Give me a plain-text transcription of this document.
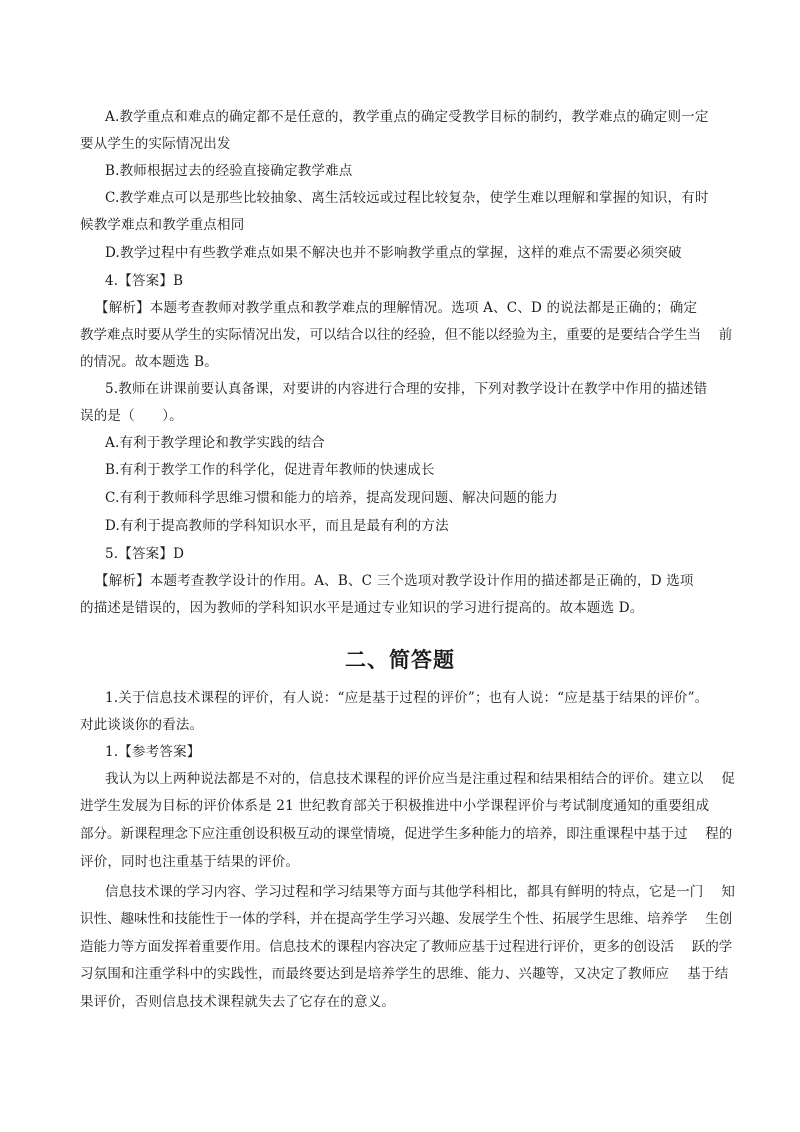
A.教学重点和难点的确定都不是任意的，教学重点的确定受教学目标的制约，教学难点的确定则一定
要从学生的实际情况出发
B.教师根据过去的经验直接确定教学难点
C.教学难点可以是那些比较抽象、离生活较远或过程比较复杂，使学生难以理解和掌握的知识，有时
候教学难点和教学重点相同
D.教学过程中有些教学难点如果不解决也并不影响教学重点的掌握，这样的难点不需要必须突破
4.【答案】B
【解析】本题考查教师对教学重点和教学难点的理解情况。选项 A、C、D 的说法都是正确的；确定
教学难点时要从学生的实际情况出发，可以结合以往的经验，但不能以经验为主，重要的是要结合学生当　 前
的情况。故本题选 B。
5.教师在讲课前要认真备课，对要讲的内容进行合理的安排，下列对教学设计在教学中作用的描述错
误的是（　　）。
A.有利于教学理论和教学实践的结合
B.有利于教学工作的科学化，促进青年教师的快速成长
C.有利于教师科学思维习惯和能力的培养，提高发现问题、解决问题的能力
D.有利于提高教师的学科知识水平，而且是最有利的方法
5.【答案】D
【解析】本题考查教学设计的作用。A、B、C 三个选项对教学设计作用的描述都是正确的，D 选项
的描述是错误的，因为教师的学科知识水平是通过专业知识的学习进行提高的。故本题选 D。
二、简答题
1.关于信息技术课程的评价，有人说：“应是基于过程的评价”；也有人说：“应是基于结果的评价”。
对此谈谈你的看法。
1.【参考答案】
我认为以上两种说法都是不对的，信息技术课程的评价应当是注重过程和结果相结合的评价。建立以　 促
进学生发展为目标的评价体系是 21 世纪教育部关于积极推进中小学课程评价与考试制度通知的重要组成
部分。新课程理念下应注重创设积极互动的课堂情境，促进学生多种能力的培养，即注重课程中基于过　 程的
评价，同时也注重基于结果的评价。
信息技术课的学习内容、学习过程和学习结果等方面与其他学科相比，都具有鲜明的特点，它是一门　 知
识性、趣味性和技能性于一体的学科，并在提高学生学习兴趣、发展学生个性、拓展学生思维、培养学　 生创
造能力等方面发挥着重要作用。信息技术的课程内容决定了教师应基于过程进行评价，更多的创设活　 跃的学
习氛围和注重学科中的实践性，而最终要达到是培养学生的思维、能力、兴趣等，又决定了教师应　 基于结
果评价，否则信息技术课程就失去了它存在的意义。
